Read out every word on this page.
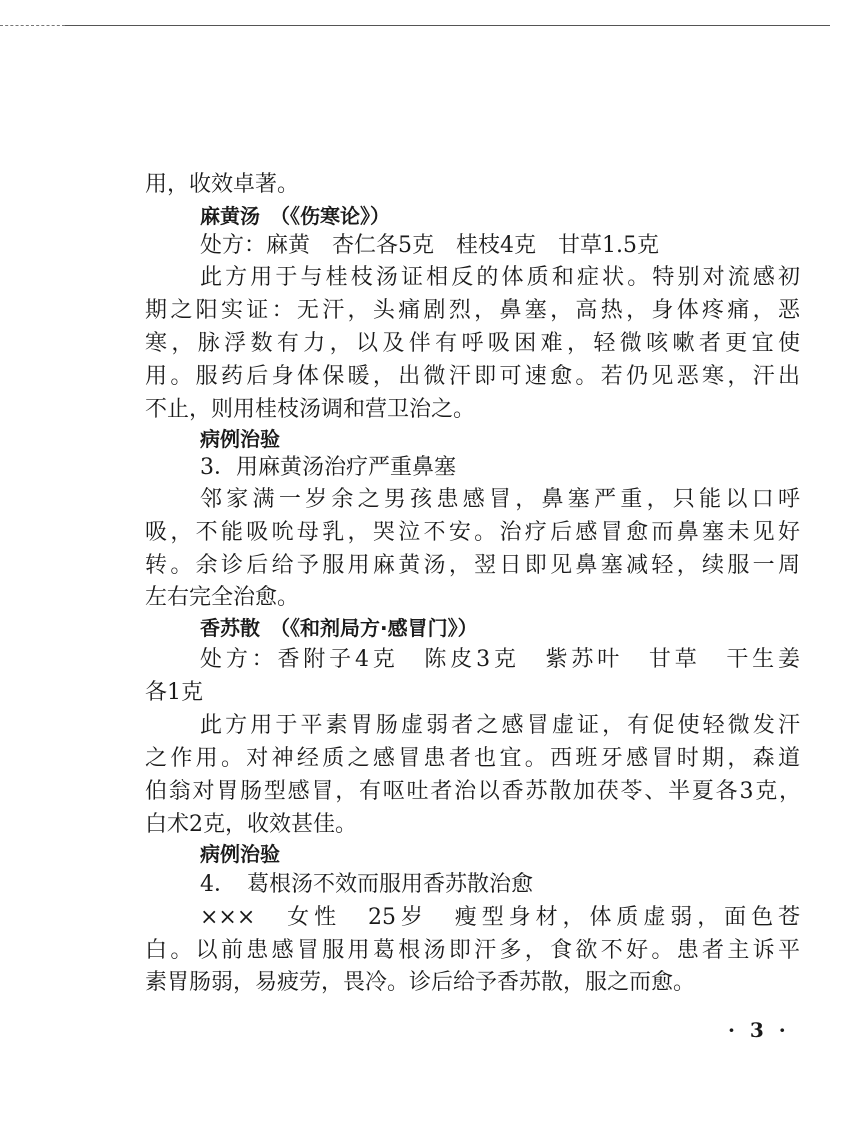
用，收效卓著。
麻黄汤　（《伤寒论》）
处方：麻黄　杏仁各5克　桂枝4克　甘草1.5克
此方用于与桂枝汤证相反的体质和症状。特别对流感初
期之阳实证：无汗，头痛剧烈，鼻塞，高热，身体疼痛，恶
寒，脉浮数有力，以及伴有呼吸困难，轻微咳嗽者更宜使
用。服药后身体保暖，出微汗即可速愈。若仍见恶寒，汗出
不止，则用桂枝汤调和营卫治之。
病例治验
3．用麻黄汤治疗严重鼻塞
邻家满一岁余之男孩患感冒，鼻塞严重，只能以口呼
吸，不能吸吮母乳，哭泣不安。治疗后感冒愈而鼻塞未见好
转。余诊后给予服用麻黄汤，翌日即见鼻塞减轻，续服一周
左右完全治愈。
香苏散　（《和剂局方·感冒门》）
处方：香附子4克　陈皮3克　紫苏叶　甘草　干生姜
各1克
此方用于平素胃肠虚弱者之感冒虚证，有促使轻微发汗
之作用。对神经质之感冒患者也宜。西班牙感冒时期，森道
伯翁对胃肠型感冒，有呕吐者治以香苏散加茯苓、半夏各3克，
白术2克，收效甚佳。
病例治验
4．　葛根汤不效而服用香苏散治愈
×××　女性　25岁　瘦型身材，体质虚弱，面色苍
白。以前患感冒服用葛根汤即汗多，食欲不好。患者主诉平
素胃肠弱，易疲劳，畏冷。诊后给予香苏散，服之而愈。
· 3 ·
